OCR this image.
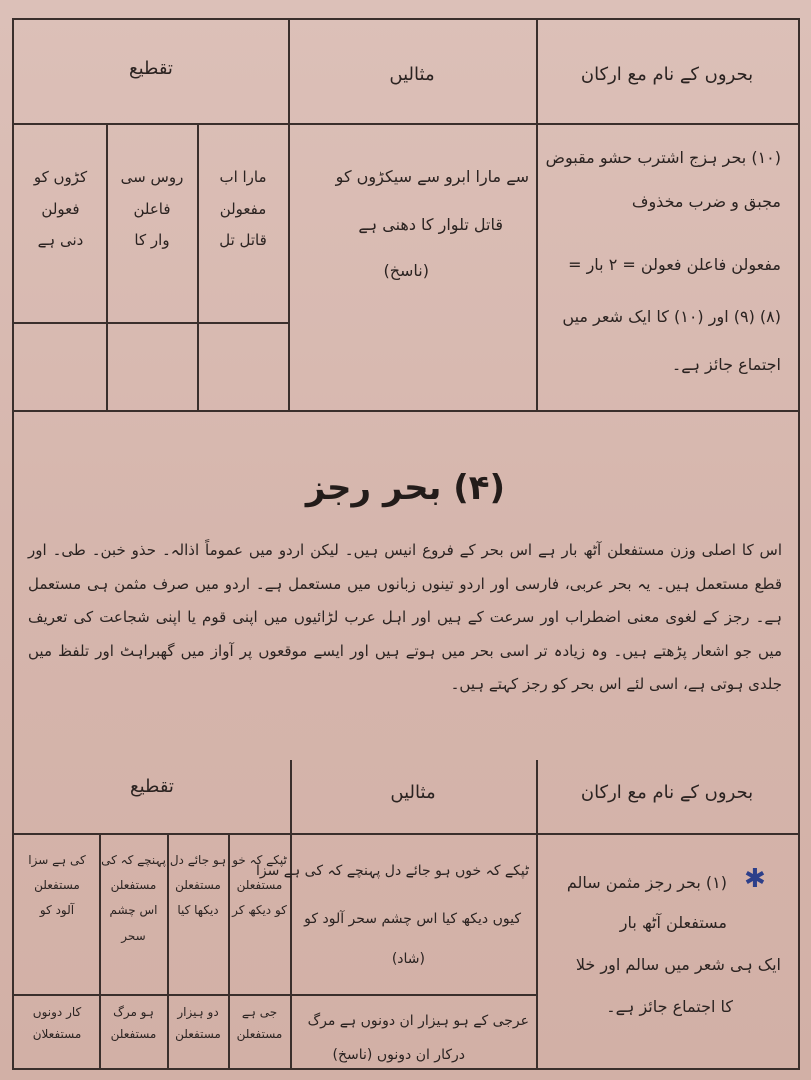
بحروں کے نام مع ارکان
مثالیں
تقطیع
(۱۰) بحر ہزج اشترب حشو مقبوض
مجبق و ضرب مخذوف
مفعولن فاعلن فعولن = ۲ بار =
(۸) (۹) اور (۱۰) کا ایک شعر میں
اجتماع جائز ہے۔
سے مارا ابرو سے سیکڑوں کو
قاتل تلوار کا دھنی ہے
(ناسخ)
مارا اب
مفعولن
قاتل تل
روس سی
فاعلن
وار کا
کڑوں کو
فعولن
دنی ہے
(۴) بحر رجز
اس کا اصلی وزن مستفعلن آٹھ بار ہے اس بحر کے فروع انیس ہیں۔ لیکن اردو میں عموماً اذالہ۔ حذو خبن۔ طی۔ اور قطع مستعمل ہیں۔ یہ بحر عربی، فارسی اور اردو تینوں زبانوں میں مستعمل ہے۔ اردو میں صرف مثمن ہی مستعمل ہے۔ رجز کے لغوی معنی اضطراب اور سرعت کے ہیں اور اہل عرب لڑائیوں میں اپنی قوم یا اپنی شجاعت کی تعریف میں جو اشعار پڑھتے ہیں۔ وہ زیادہ تر اسی بحر میں ہوتے ہیں اور ایسے موقعوں پر آواز میں گھبراہٹ اور تلفظ میں جلدی ہوتی ہے، اسی لئے اس بحر کو رجز کہتے ہیں۔
بحروں کے نام مع ارکان
مثالیں
تقطیع
✱
(۱) بحر رجز مثمن سالم
مستفعلن آٹھ بار
ایک ہی شعر میں سالم اور خلا
کا اجتماع جائز ہے۔
ٹپکے کہ خوں ہو جائے دل پہنچے کہ کی ہے سزا
کیوں دیکھ کیا اس چشم سحر آلود کو
(شاد)
عرجی کے ہو ہیزار ان دونوں ہے مرگ
درکار ان دونوں (ناسخ)
ٹپکے کہ خو
مستفعلن
کو دیکھ کر
ہو جائے دل
مستفعلن
دیکھا کیا
پہنچے کہ کی
مستفعلن
اس چشم سحر
کی ہے سزا
مستفعلن
آلود کو
جی ہے
مستفعلن
دو ہیزار
مستفعلن
ہو مرگ
مستفعلن
کار دونوں
مستفعلان
